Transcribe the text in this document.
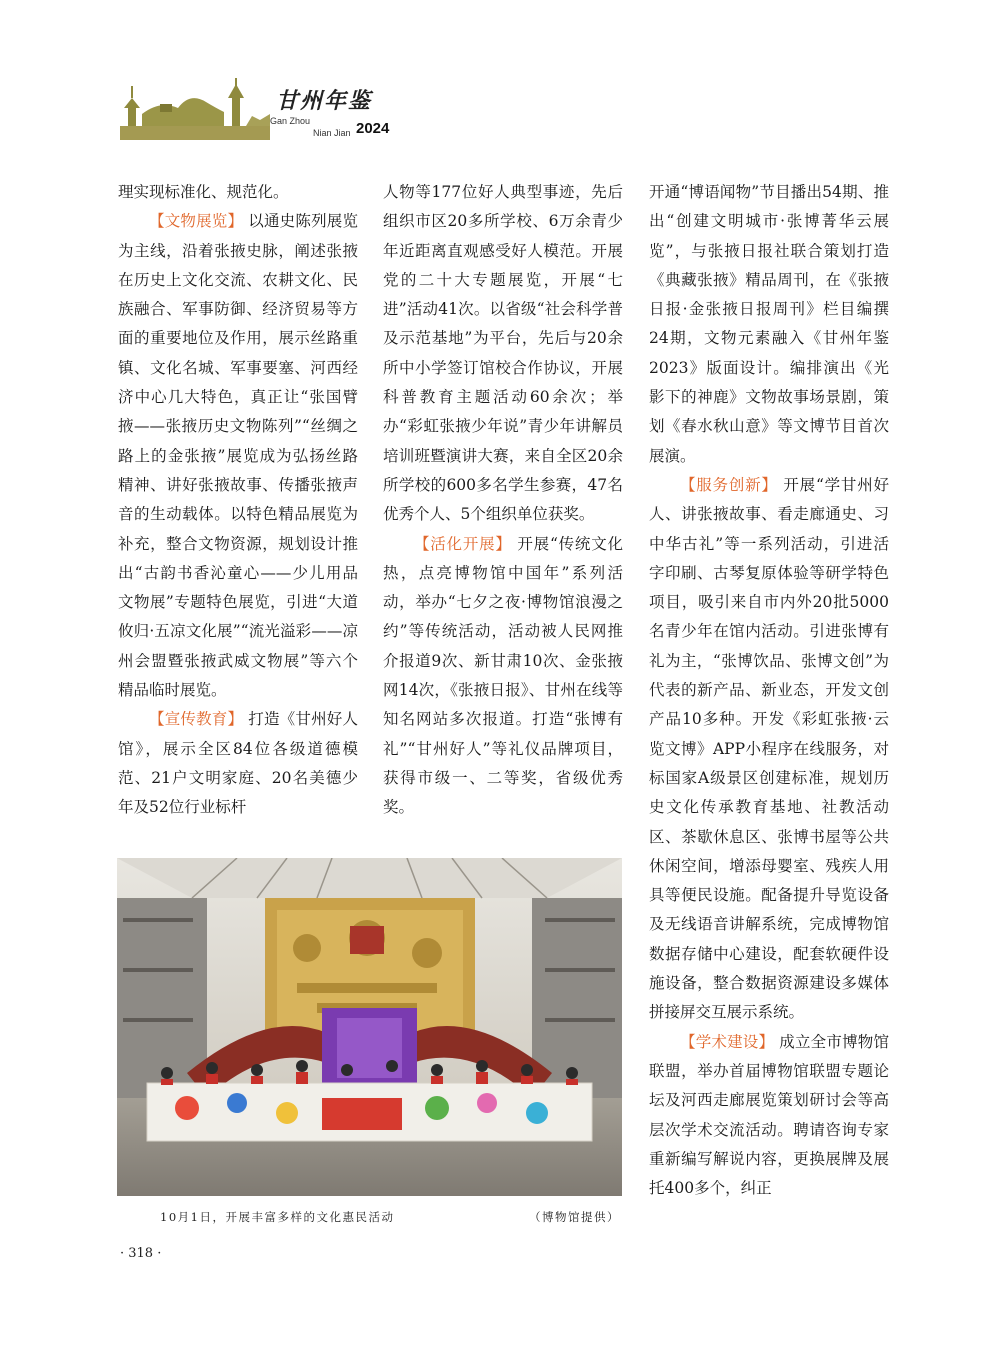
甘州年鉴
Gan Zhou
Nian Jian 2024

理实现标准化、规范化。

【文物展览】 以通史陈列展览为主线，沿着张掖史脉，阐述张掖在历史上文化交流、农耕文化、民族融合、军事防御、经济贸易等方面的重要地位及作用，展示丝路重镇、文化名城、军事要塞、河西经济中心几大特色，真正让“张国臂掖——张掖历史文物陈列”“丝绸之路上的金张掖”展览成为弘扬丝路精神、讲好张掖故事、传播张掖声音的生动载体。以特色精品展览为补充，整合文物资源，规划设计推出“古韵书香沁童心——少儿用品文物展”专题特色展览，引进“大道攸归·五凉文化展”“流光溢彩——凉州会盟暨张掖武威文物展”等六个精品临时展览。

【宣传教育】 打造《甘州好人馆》，展示全区84位各级道德模范、21户文明家庭、20名美德少年及52位行业标杆

人物等177位好人典型事迹，先后组织市区20多所学校、6万余青少年近距离直观感受好人模范。开展党的二十大专题展览，开展“七进”活动41次。以省级“社会科学普及示范基地”为平台，先后与20余所中小学签订馆校合作协议，开展科普教育主题活动60余次；举办“彩虹张掖少年说”青少年讲解员培训班暨演讲大赛，来自全区20余所学校的600多名学生参赛，47名优秀个人、5个组织单位获奖。

【活化开展】 开展“传统文化热，点亮博物馆中国年”系列活动，举办“七夕之夜·博物馆浪漫之约”等传统活动，活动被人民网推介报道9次、新甘肃10次、金张掖网14次，《张掖日报》、甘州在线等知名网站多次报道。打造“张博有礼”“甘州好人”等礼仪品牌项目，获得市级一、二等奖，省级优秀奖。

开通“博语闻物”节目播出54期、推出“创建文明城市·张博菁华云展览”，与张掖日报社联合策划打造《典藏张掖》精品周刊，在《张掖日报·金张掖日报周刊》栏目编撰24期，文物元素融入《甘州年鉴2023》版面设计。编排演出《光影下的神鹿》文物故事场景剧，策划《春水秋山意》等文博节目首次展演。

【服务创新】 开展“学甘州好人、讲张掖故事、看走廊通史、习中华古礼”等一系列活动，引进活字印刷、古琴复原体验等研学特色项目，吸引来自市内外20批5000名青少年在馆内活动。引进张博有礼为主，“张博饮品、张博文创”为代表的新产品、新业态，开发文创产品10多种。开发《彩虹张掖·云览文博》APP小程序在线服务，对标国家A级景区创建标准，规划历史文化传承教育基地、社教活动区、茶歇休息区、张博书屋等公共休闲空间，增添母婴室、残疾人用具等便民设施。配备提升导览设备及无线语音讲解系统，完成博物馆数据存储中心建设，配套软硬件设施设备，整合数据资源建设多媒体拼接屏交互展示系统。

【学术建设】 成立全市博物馆联盟，举办首届博物馆联盟专题论坛及河西走廊展览策划研讨会等高层次学术交流活动。聘请咨询专家重新编写解说内容，更换展牌及展托400多个，纠正

10月1日，开展丰富多样的文化惠民活动	（博物馆提供）
· 318 ·
